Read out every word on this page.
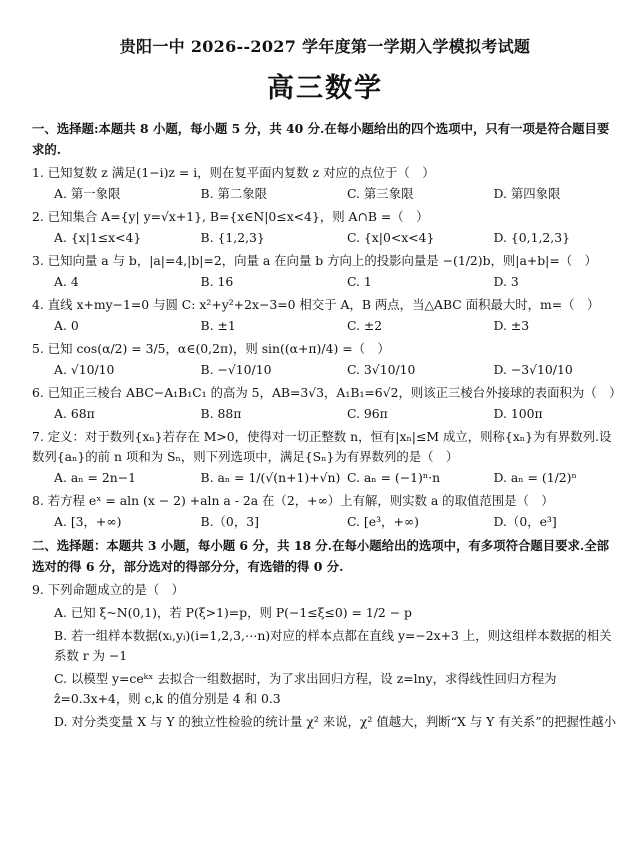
贵阳一中 2026--2027 学年度第一学期入学模拟考试题
高三数学
一、选择题:本题共 8 小题，每小题 5 分，共 40 分.在每小题给出的四个选项中，只有一项是符合题目要求的.
1. 已知复数 z 满足(1−i)z = i，则在复平面内复数 z 对应的点位于（　）
A. 第一象限	B. 第二象限	C. 第三象限	D. 第四象限
2. 已知集合 A={y| y=√x+1}, B={x∈N|0≤x<4}，则 A∩B =（　）
A. {x|1≤x<4}	B. {1,2,3}	C. {x|0<x<4}	D. {0,1,2,3}
3. 已知向量 a 与 b，|a|=4,|b|=2，向量 a 在向量 b 方向上的投影向量是 −(1/2)b，则|a+b|=（　）
A. 4	B. 16	C. 1	D. 3
4. 直线 x+my−1=0 与圆 C: x²+y²+2x−3=0 相交于 A，B 两点，当△ABC 面积最大时，m=（　）
A. 0	B. ±1	C. ±2	D. ±3
5. 已知 cos(α/2) = 3/5，α∈(0,2π)，则 sin((α+π)/4) =（　）
A. √10/10	B. −√10/10	C. 3√10/10	D. −3√10/10
6. 已知正三棱台 ABC−A₁B₁C₁ 的高为 5，AB=3√3，A₁B₁=6√2，则该正三棱台外接球的表面积为（　）
A. 68π	B. 88π	C. 96π	D. 100π
7. 定义：对于数列{xₙ}若存在 M>0，使得对一切正整数 n，恒有|xₙ|≤M 成立，则称{xₙ}为有界数列.设数列{aₙ}的前 n 项和为 Sₙ，则下列选项中，满足{Sₙ}为有界数列的是（　）
A. aₙ = 2n−1	B. aₙ = 1/(√(n+1)+√n) C. aₙ = (−1)ⁿ·n	D. aₙ = (1/2)ⁿ
8. 若方程 eˣ = aln (x − 2) +aln a - 2a 在（2，+∞）上有解，则实数 a 的取值范围是（　）
A. [3，+∞)	B.（0，3]	C. [e³，+∞)	D.（0，e³]
二、选择题：本题共 3 小题，每小题 6 分，共 18 分.在每小题给出的选项中，有多项符合题目要求.全部选对的得 6 分，部分选对的得部分分，有选错的得 0 分.
9. 下列命题成立的是（　）
A. 已知 ξ~N(0,1)，若 P(ξ>1)=p，则 P(−1≤ξ≤0) = 1/2 − p
B. 若一组样本数据(xᵢ,yᵢ)(i=1,2,3,⋯n)对应的样本点都在直线 y=−2x+3 上，则这组样本数据的相关系数 r 为 −1
C. 以模型 y=ceᵏˣ 去拟合一组数据时，为了求出回归方程，设 z=lny，求得线性回归方程为 ẑ=0.3x+4，则 c,k 的值分别是 4 和 0.3
D. 对分类变量 X 与 Y 的独立性检验的统计量 χ² 来说，χ² 值越大，判断“X 与 Y 有关系”的把握性越小
